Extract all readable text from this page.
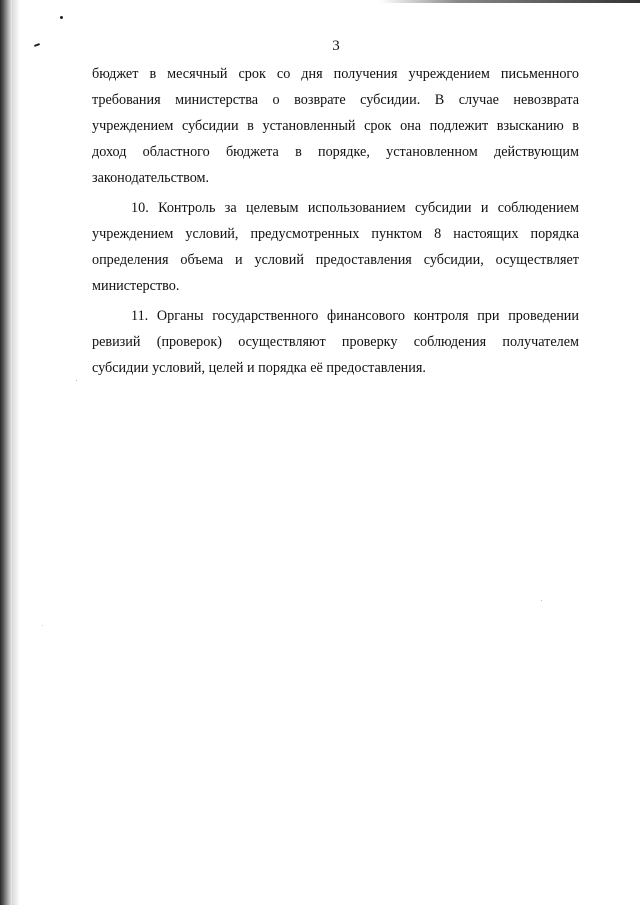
3
бюджет в месячный срок со дня получения учреждением письменного
требования министерства о возврате субсидии. В случае невозврата
учреждением субсидии в установленный срок она подлежит взысканию в
доход областного бюджета в порядке, установленном действующим
законодательством.
10. Контроль за целевым использованием субсидии и соблюдением
учреждением условий, предусмотренных пунктом 8 настоящих порядка
определения объема и условий предоставления субсидии, осуществляет
министерство.
11. Органы государственного финансового контроля при проведении
ревизий (проверок) осуществляют проверку соблюдения получателем
субсидии условий, целей и порядка её предоставления.
